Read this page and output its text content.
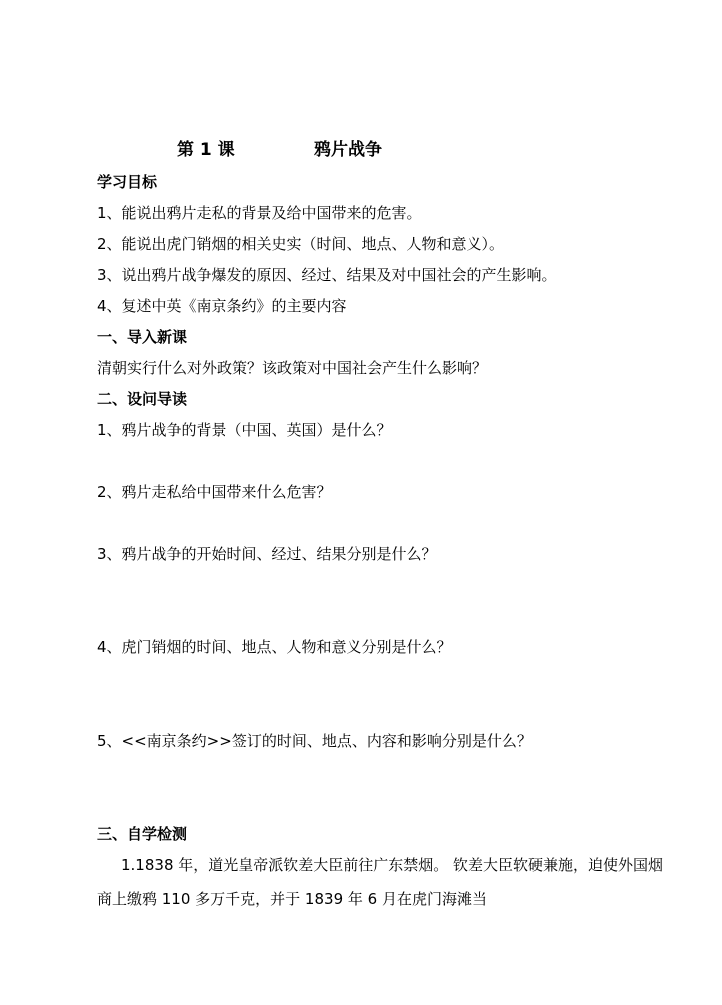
第 1 课	鸦片战争
学习目标
1、能说出鸦片走私的背景及给中国带来的危害。
2、能说出虎门销烟的相关史实（时间、地点、人物和意义）。
3、说出鸦片战争爆发的原因、经过、结果及对中国社会的产生影响。
4、复述中英《南京条约》的主要内容
一、导入新课
清朝实行什么对外政策？该政策对中国社会产生什么影响？
二、设问导读
1、鸦片战争的背景（中国、英国）是什么？
2、鸦片走私给中国带来什么危害？
3、鸦片战争的开始时间、经过、结果分别是什么？
4、虎门销烟的时间、地点、人物和意义分别是什么？
5、<<南京条约>>签订的时间、地点、内容和影响分别是什么？
三、自学检测
1.1838 年，道光皇帝派钦差大臣前往广东禁烟。 钦差大臣软硬兼施，迫使外国烟商上缴鸦 110 多万千克，并于 1839 年 6 月在虎门海滩当
